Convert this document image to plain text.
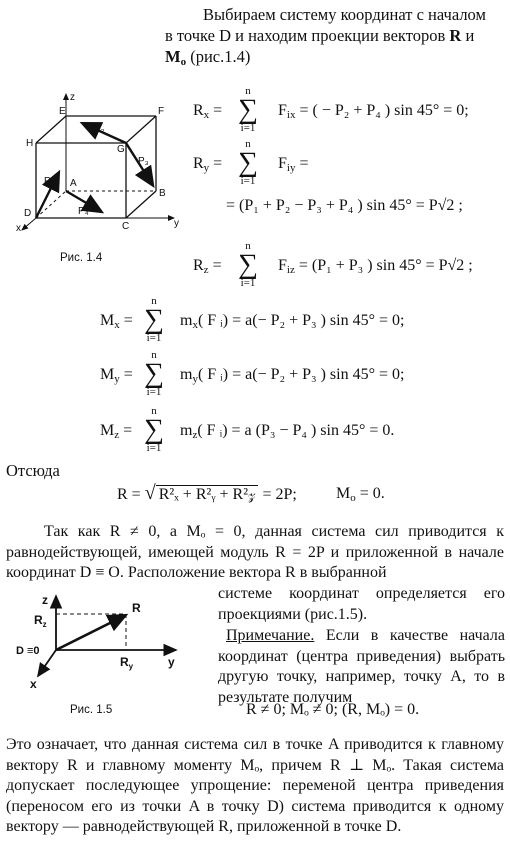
Выбираем систему координат с началом
в точке D и находим проекции векторов R и
$M_o$ (рис.1.4)
z
E	F
H
G
A
B
C
D
x	y
P₁
P₂
P₃
P₄
Рис. 1.4
$R_x$ =
n
∑
i=1
$F_{ix}$ = ( − P₂ + P₄ ) sin 45° = 0;
$R_y$ =
n
∑
i=1
$F_{iy}$ =
= (P₁ + P₂ − P₃ + P₄ ) sin 45° = P√2 ;
$R_z$ =
n
∑
i=1
$F_{iz} = (P_1 + P_3$ ) sin 45° = P√2 ;
$M_x$ =
n
∑
i=1
$m_x$( F ᵢ) = a(− P₂ + P₃ ) sin 45° = 0;
$M_y$ =
n
∑
i=1
$m_y$( F ᵢ) = a(− P₂ + P₃ ) sin 45° = 0;
$M_z$ =
n
∑
i=1
$m_z$( F ᵢ) = a (P₃ − P₄ ) sin 45° = 0.
Отсюда
R = √ R²ₓ + R²ᵧ + R²𝓏 = 2P; $M_o = 0$.
Так как R ≠ 0, а Mₒ = 0, данная система сил приводится к равнодействующей, имеющей модуль R = 2P и приложенной в начале координат D ≡ O. Расположение вектора R в выбранной
системе координат определяется его проекциями (рис.1.5).
Примечание. Если в качестве начала координат (центра приведения) выбрать другую точку, например, точку A, то в результате получим
R ≠ 0; Mₒ ≠ 0; (R, Mₒ) = 0.
z
$R_z$
R
D ≡0
$R_y$	y
x
Рис. 1.5
Это означает, что данная система сил в точке A приводится к главному вектору R и главному моменту Mₒ, причем R ⊥ Mₒ. Такая система допускает последующее упрощение: переменой центра приведения (переносом его из точки A в точку D) система приводится к одному вектору — равнодействующей R, приложенной в точке D.
